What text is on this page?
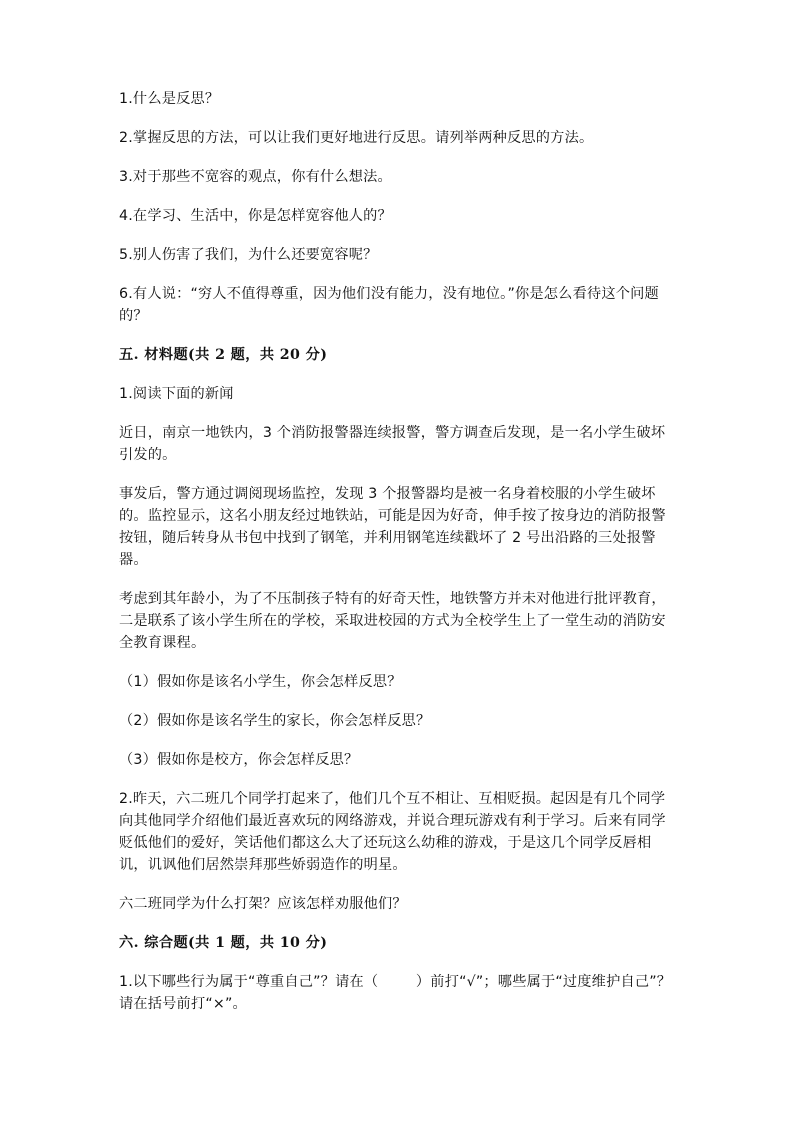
1.什么是反思？

2.掌握反思的方法，可以让我们更好地进行反思。请列举两种反思的方法。

3.对于那些不宽容的观点，你有什么想法。

4.在学习、生活中，你是怎样宽容他人的？

5.别人伤害了我们，为什么还要宽容呢？

6.有人说：“穷人不值得尊重，因为他们没有能力，没有地位。”你是怎么看待这个问题的？

五. 材料题(共 2 题，共 20 分)

1.阅读下面的新闻

近日，南京一地铁内，3 个消防报警器连续报警，警方调查后发现，是一名小学生破坏引发的。

事发后，警方通过调阅现场监控，发现 3 个报警器均是被一名身着校服的小学生破坏的。监控显示，这名小朋友经过地铁站，可能是因为好奇，伸手按了按身边的消防报警按钮，随后转身从书包中找到了钢笔，并利用钢笔连续戳坏了 2 号出沿路的三处报警器。

考虑到其年龄小，为了不压制孩子特有的好奇天性，地铁警方并未对他进行批评教育，二是联系了该小学生所在的学校，采取进校园的方式为全校学生上了一堂生动的消防安全教育课程。

（1）假如你是该名小学生，你会怎样反思？

（2）假如你是该名学生的家长，你会怎样反思？

（3）假如你是校方，你会怎样反思？

2.昨天，六二班几个同学打起来了，他们几个互不相让、互相贬损。起因是有几个同学向其他同学介绍他们最近喜欢玩的网络游戏，并说合理玩游戏有利于学习。后来有同学贬低他们的爱好，笑话他们都这么大了还玩这么幼稚的游戏，于是这几个同学反唇相讥，讥讽他们居然崇拜那些娇弱造作的明星。

六二班同学为什么打架？应该怎样劝服他们？

六. 综合题(共 1 题，共 10 分)

1.以下哪些行为属于“尊重自己”？请在（        ）前打“√”；哪些属于“过度维护自己”？请在括号前打“×”。
